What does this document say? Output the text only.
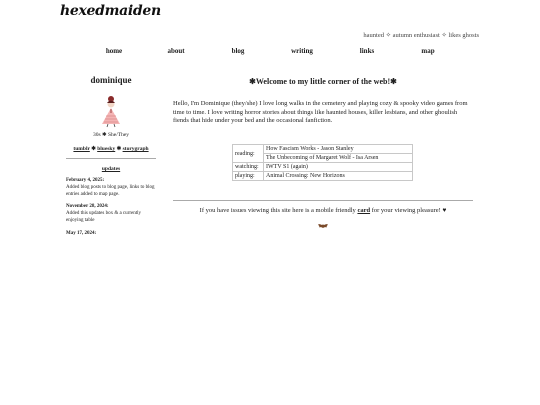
hexedmaiden
haunted ✧ autumn enthusiast ✧ likes ghosts
home	about	blog	writing	links	map
dominique
30s ✱ She/They
tumblr ✱ bluesky ✱ storygraph
updates
February 4, 2025:
Added blog posts to blog page, links to blog entries added to map page.
November 28, 2024:
Added this updates box & a currently enjoying table
May 17, 2024:
✱Welcome to my little corner of the web!✱

Hello, I'm Dominique (they/she) I love long walks in the cemetery and playing cozy & spooky video games from time to time. I love writing horror stories about things like haunted houses, killer lesbians, and other ghoulish fiends that hide under your bed and the occasional fanfiction.

reading:	How Fascism Works - Jason Stanley
	The Unbecoming of Margaret Wolf - Isa Arsen
watching:	IWTV S1 (again)
playing:	Animal Crossing: New Horizons
If you have issues viewing this site here is a mobile friendly card for your viewing pleasure! ♥
